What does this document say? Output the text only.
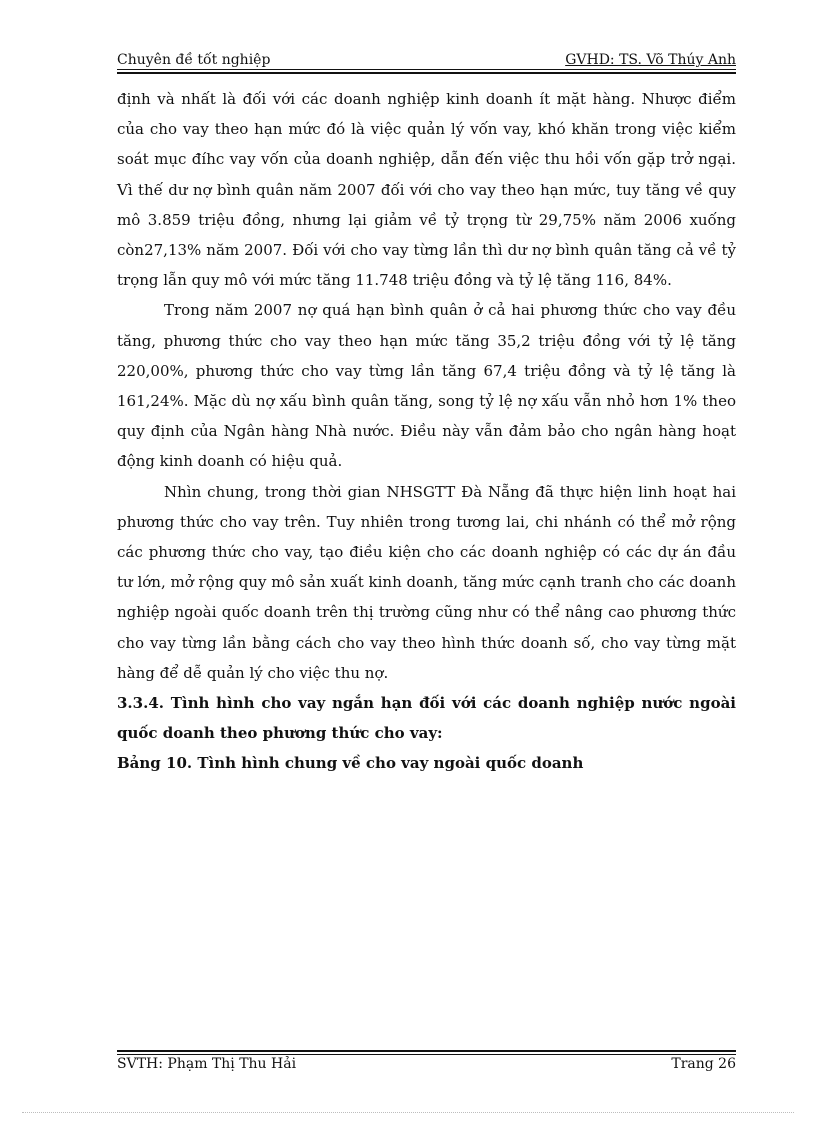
Chuyên đề tốt nghiệp	GVHD: TS. Võ Thúy Anh

định và nhất là đối với các doanh nghiệp kinh doanh ít mặt hàng. Nhược điểm của cho vay theo hạn mức đó là việc quản lý vốn vay, khó khăn trong việc kiểm soát mục đíhc vay vốn của doanh nghiệp, dẫn đến việc thu hồi vốn gặp trở ngại. Vì thế dư nợ bình quân năm 2007 đối với cho vay theo hạn mức, tuy tăng về quy mô 3.859 triệu đồng, nhưng lại giảm về tỷ trọng từ 29,75% năm 2006 xuống còn27,13% năm 2007. Đối với cho vay từng lần thì dư nợ bình quân tăng cả về tỷ trọng lẫn quy mô với mức tăng 11.748 triệu đồng và tỷ lệ tăng 116, 84%.

Trong năm 2007 nợ quá hạn bình quân ở cả hai phương thức cho vay đều tăng, phương thức cho vay theo hạn mức tăng 35,2 triệu đồng với tỷ lệ tăng 220,00%, phương thức cho vay từng lần tăng 67,4 triệu đồng và tỷ lệ tăng là 161,24%. Mặc dù nợ xấu bình quân tăng, song tỷ lệ nợ xấu vẫn nhỏ hơn 1% theo quy định của Ngân hàng Nhà nước. Điều này vẫn đảm bảo cho ngân hàng hoạt động kinh doanh có hiệu quả.

Nhìn chung, trong thời gian NHSGTT Đà Nẵng đã thực hiện linh hoạt hai phương thức cho vay trên. Tuy nhiên trong tương lai, chi nhánh có thể mở rộng các phương thức cho vay, tạo điều kiện cho các doanh nghiệp có các dự án đầu tư lớn, mở rộng quy mô sản xuất kinh doanh, tăng mức cạnh tranh cho các doanh nghiệp ngoài quốc doanh trên thị trường cũng như có thể nâng cao phương thức cho vay từng lần bằng cách cho vay theo hình thức doanh số, cho vay từng mặt hàng để dễ quản lý cho việc thu nợ.

3.3.4. Tình hình cho vay ngắn hạn đối với các doanh nghiệp nước ngoài quốc doanh theo phương thức cho vay:

Bảng 10. Tình hình chung về cho vay ngoài quốc doanh

SVTH: Phạm Thị Thu Hải	Trang 26
